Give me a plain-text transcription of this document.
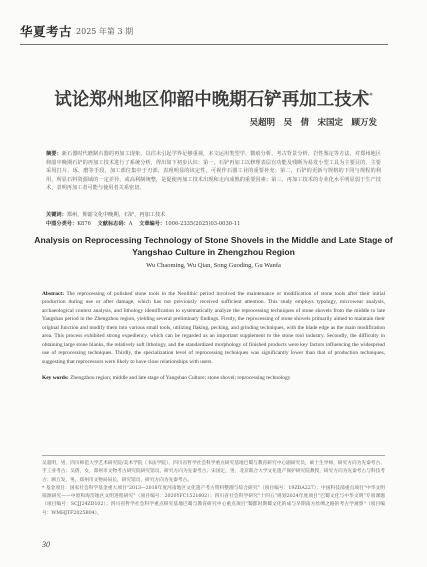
华夏考古 2025 年第 3 期
试论郑州地区仰韶中晚期石铲再加工技术*
吴超明　吴　倩　宋国定　顾万发
摘要：新石器时代磨制石器的再加工现象，以往未引起学界足够重视，本文运用类型学、微痕分析、考古背景分析、岩性鉴定等方法，对郑州地区仰韶中晚期石铲的再加工技术进行了系统分析，得出如下初步认识：第一，石铲再加工以修理表层有功能及残断为易发小型工具为主要目的，主要采用打片、琢、磨等手段，加工部位集中于刃部，表现明显的该定性，可视作石器工业的重要补充；第二，石铲的更新与规格的下同与规程的利用，所显石料资源域的一定差异，或高利制统整，是促使再加工技术出现和走向成熟的重要因素；第三，再加工技术的专业化水平明显弱于生产技术，表明再加工者可能与使用者关系密切。
关键词：郑州，仰韶文化中晚期，石铲，再加工技术
中图分类号：K876 文献标志码：A 文章编号：1006-2335(2025)03-0030-11
Analysis on Reprocessing Technology of Stone Shovels in the Middle and Late Stage of Yangshao Culture in Zhengzhou Region
Wu Chaoming, Wu Qian, Song Guoding, Gu Wanfa
Abstract: The reprocessing of polished stone tools in the Neolithic period involved the maintenance or modification of stone tools after their initial production during use or after damage, which has not previously received sufficient attention. This study employs typology, microwear analysis, archaeological context analysis, and lithology identification to systematically analyze the reprocessing techniques of stone shovels from the middle to late Yangshao period in the Zhengzhou region, yielding several preliminary findings. Firstly, the reprocessing of stone shovels primarily aimed to maintain their original function and modify them into various small tools, utilizing flaking, pecking, and grinding techniques, with the blade edge as the main modification area. This process exhibited strong expediency, which can be regarded as an important supplement to the stone tool industry. Secondly, the difficulty in obtaining large stone blanks, the relatively soft lithology, and the standardized morphology of finished products were key factors influencing the widespread use of reprocessing techniques. Thirdly, the specialization level of reprocessing techniques was significantly lower than that of production techniques, suggesting that reprocessors were likely to have close relationships with users.
Key words: Zhengzhou region; middle and late stage of Yangshao Culture; stone shovel; reprocessing technology

吴超明，男，四川师范大学艺术研究院/美术学院（书法学院），四川省哲学社会科学重点研究基地巴蜀与教育研究中心副研究员，硕士生导师，研究方向为先秦考古、手工业考古；吴倩，女，郑州市文物考古研究院研究馆员，研究方向为先秦考古；宋国定，男，北京联合大学文化遗产保护研究院教授，研究方向为先秦考古与科技考古；顾万发，男，郑州市文物局局长，研究馆员，研究方向为先秦考古。

* 基金项目：国家社会科学基金重大项目"2013—2018年度河南地区文化遗产考古资料整理与综合研究"（项目编号：19ZDA227）；中国科技部重点项目"中华文明探源研究——中原和海岱地区文明进程研究"（项目编号：2020YFC1521602）；四川省社会科学研究"十四五"规划2024年度项目"巴蜀文化与中华文明"专项课题（项目编号：SCJJ24ZD102）；四川省哲学社会科学重点研究基地巴蜀与教育研究中心重点项目"蜀郡时期蜀文化的成与早期南方丝绸之路的考古学观察"（项目编号：WMHJTF2025B04）。

30
